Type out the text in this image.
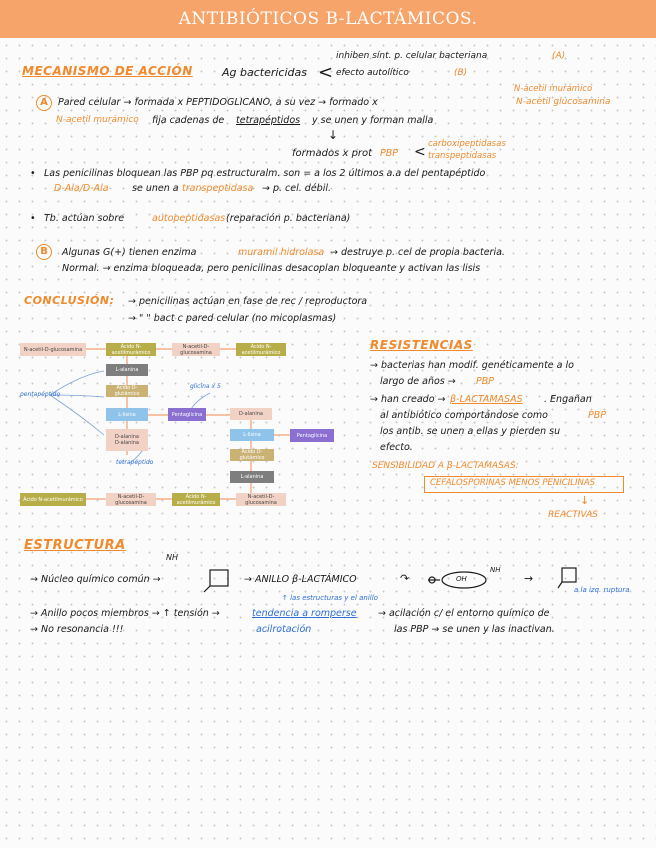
ANTIBIÓTICOS B-LACTÁMICOS.
MECANISMO DE ACCIÓN	Ag bactericidas <
inhiben sínt. p. celular bacteriana	(A)
efecto autolítico	(B)
N-acetil murámico
A	Pared celular → formada x PEPTIDOGLICANO, a su vez → formado x	N-acetil glucosamina
N-acetil murámico fija cadenas de tetrapéptidos y se unen y forman malla
↓
formados x prot PBP < carboxipeptidasas
transpeptidasas
• Las penicilinas bloquean las PBP pq estructuralm. son = a los 2 últimos a.a del pentapéptido
D-Ala/D-Ala se unen a transpeptidasa → p. cel. débil.
• Tb. actúan sobre	autopeptidasas (reparación p. bacteriana)
B	Algunas G(+) tienen enzima	muramil hidrolasa → destruye p. cel de propia bacteria.
Normal. → enzima bloqueada, pero penicilinas desacoplan bloqueante y activan las lisis
CONCLUSIÓN: → penicilinas actúan en fase de rec / reproductora
→ " " bact c pared celular (no micoplasmas)
N-acetil-D-glucosamina	Ácido N-acetilmurámico
N-acetil-D-glucosamina
Ácido N-acetilmurámico
L-alanina
Ácido D-glutámico
L-lisina
D-alanina
D-alanina
Pentaglicina	D-alanina
L-lisina
Ácido D-glutámico
L-alanina
Pentaglicina
Ácido N-acetilmurámico	N-acetil-D-glucosamina
Ácido N-acetilmurámico
N-acetil-D-glucosamina
pentapéptido
glicina x 5
tetrapéptido
RESISTENCIAS
→ bacterias han modif. genéticamente a lo
largo de años → PBP
→ han creado → β-LACTAMASAS . Engañan
al antibiótico comportándose como	PBP
los antib. se unen a ellas y pierden su
efecto.
SENSIBILIDAD A β-LACTAMASAS:
CEFALOSPORINAS MENOS PENICILINAS
↓
REACTIVAS
ESTRUCTURA
NH
→ Núcleo químico común →	→ ANILLO β-LACTÁMICO	↷	OH
NH
→
a la izq. ruptura
↑ las estructuras y el anillo
→ Anillo pocos miembros → ↑ tensión →	tendencia a romperse → acilación c/ el entorno químico de
→ No resonancia !!!	acilrotación	las PBP → se unen y las inactivan.
